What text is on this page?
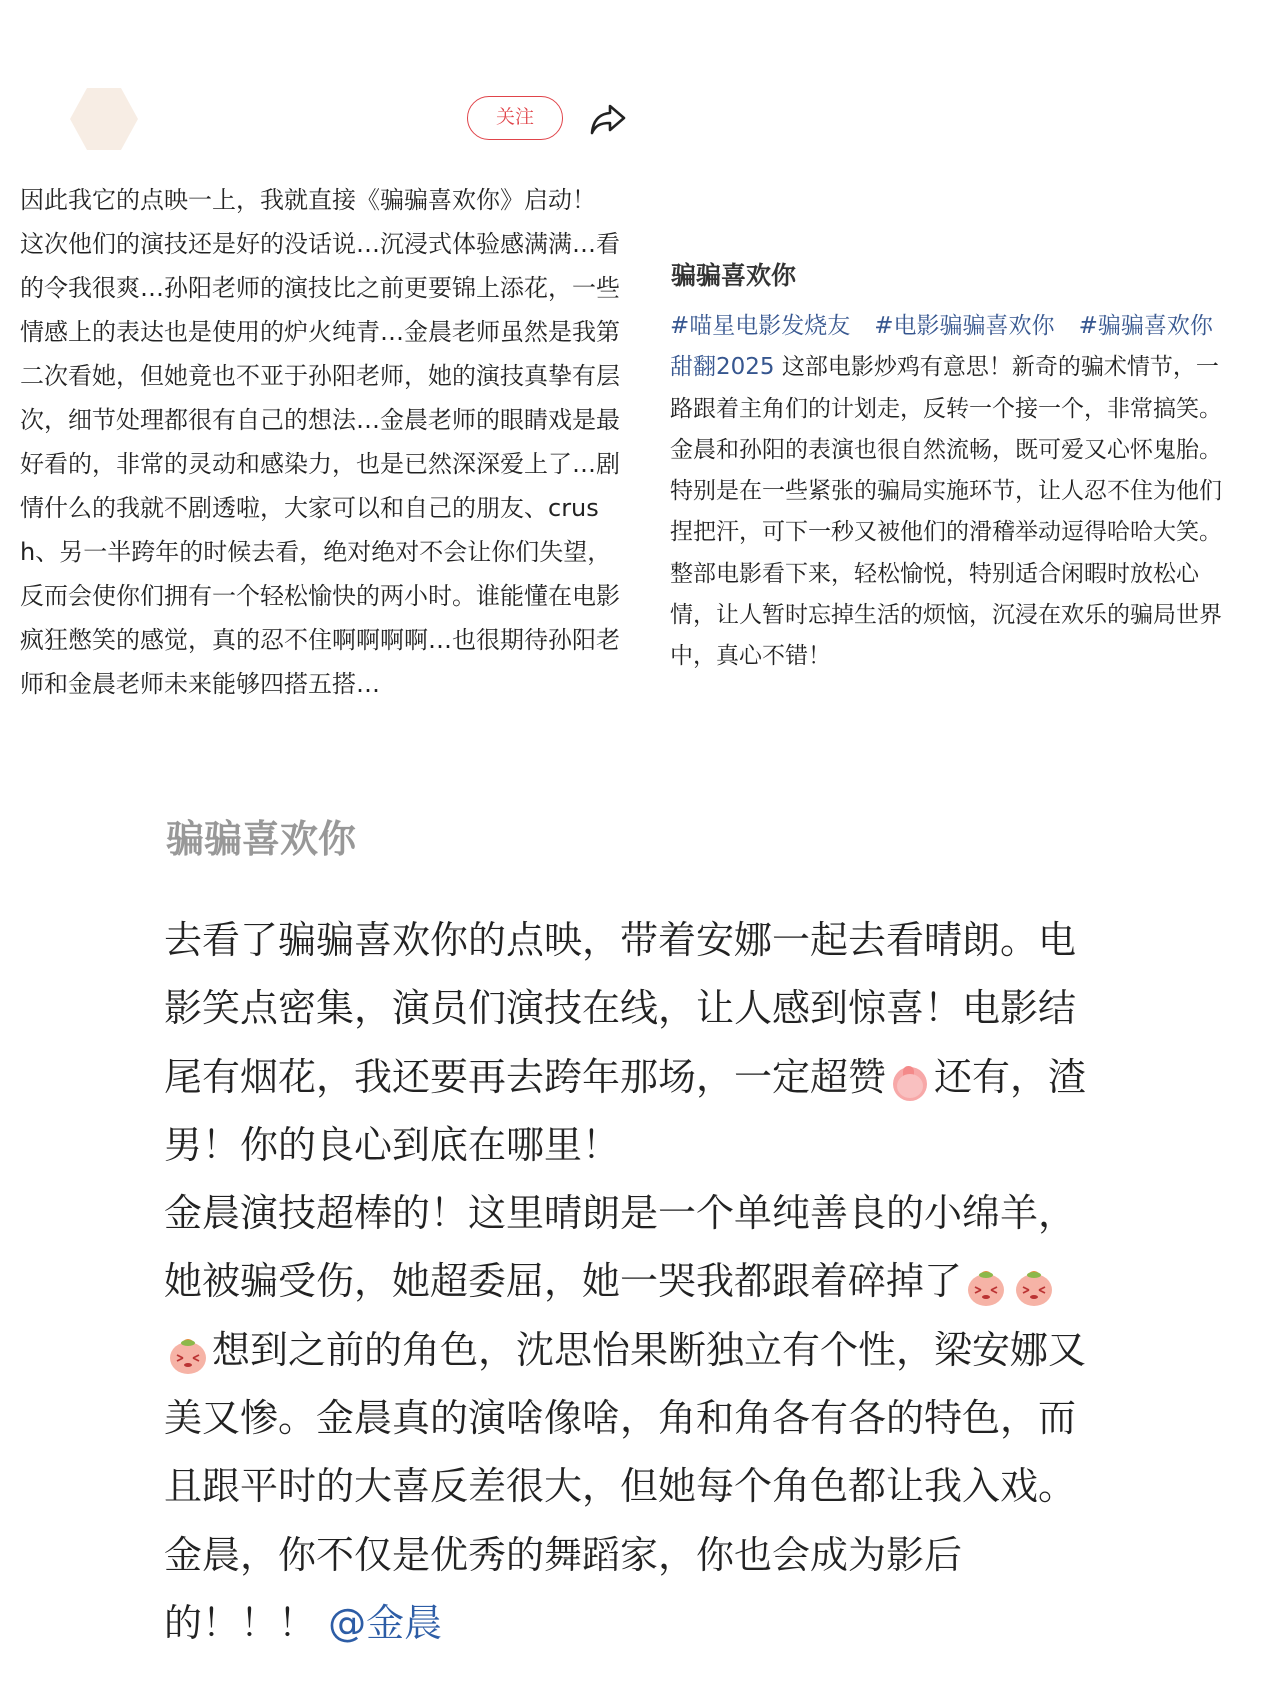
关注
因此我它的点映一上，我就直接《骗骗喜欢你》启动！
这次他们的演技还是好的没话说…沉浸式体验感满满…看的令我很爽…孙阳老师的演技比之前更要锦上添花，一些情感上的表达也是使用的炉火纯青…金晨老师虽然是我第二次看她，但她竟也不亚于孙阳老师，她的演技真挚有层次，细节处理都很有自己的想法…金晨老师的眼睛戏是最好看的，非常的灵动和感染力，也是已然深深爱上了…剧情什么的我就不剧透啦，大家可以和自己的朋友、crush、另一半跨年的时候去看，绝对绝对不会让你们失望，反而会使你们拥有一个轻松愉快的两小时。谁能懂在电影疯狂憋笑的感觉，真的忍不住啊啊啊啊…也很期待孙阳老师和金晨老师未来能够四搭五搭…
骗骗喜欢你
#喵星电影发烧友 #电影骗骗喜欢你 #骗骗喜欢你甜翻2025 这部电影炒鸡有意思！新奇的骗术情节，一路跟着主角们的计划走，反转一个接一个，非常搞笑。金晨和孙阳的表演也很自然流畅，既可爱又心怀鬼胎。特别是在一些紧张的骗局实施环节，让人忍不住为他们捏把汗，可下一秒又被他们的滑稽举动逗得哈哈大笑。整部电影看下来，轻松愉悦，特别适合闲暇时放松心情，让人暂时忘掉生活的烦恼，沉浸在欢乐的骗局世界中，真心不错！
骗骗喜欢你
去看了骗骗喜欢你的点映，带着安娜一起去看晴朗。电影笑点密集，演员们演技在线，让人感到惊喜！电影结尾有烟花，我还要再去跨年那场，一定超赞 还有，渣男！你的良心到底在哪里！
金晨演技超棒的！这里晴朗是一个单纯善良的小绵羊，她被骗受伤，她超委屈，她一哭我都跟着碎掉了想到之前的角色，沈思怡果断独立有个性，梁安娜又美又惨。金晨真的演啥像啥，角和角各有各的特色，而且跟平时的大喜反差很大，但她每个角色都让我入戏。
金晨，你不仅是优秀的舞蹈家，你也会成为影后的！！！ @金晨
